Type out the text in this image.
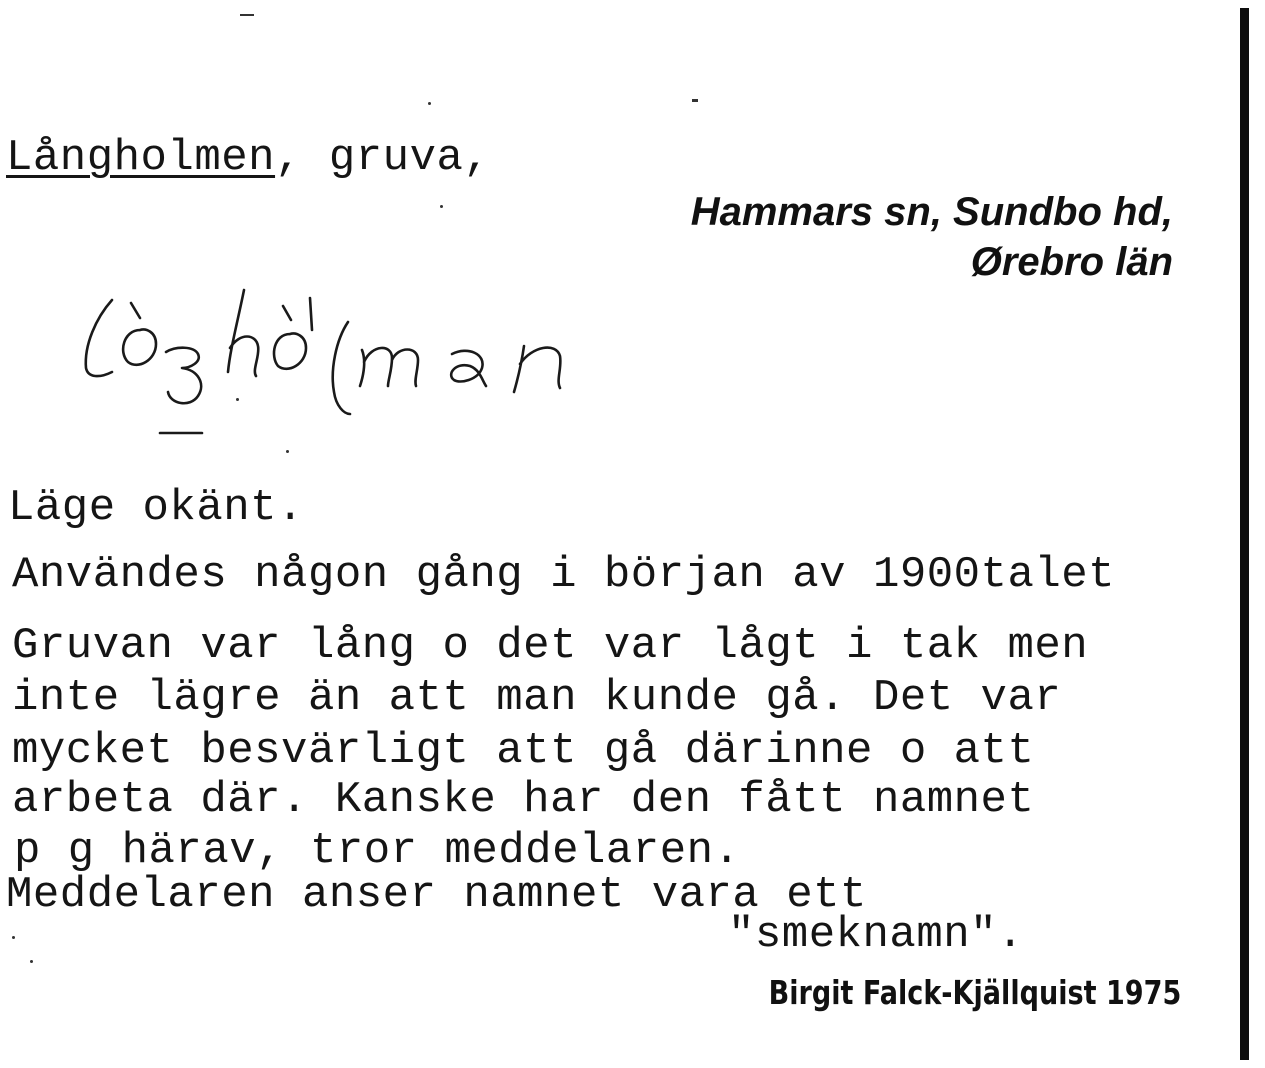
Långholmen, gruva,
Hammars sn, Sundbo hd,
Ørebro län
Läge okänt.
Användes någon gång i början av 1900talet
Gruvan var lång o det var lågt i tak men
inte lägre än att man kunde gå. Det var
mycket besvärligt att gå därinne o att
arbeta där. Kanske har den fått namnet
p g härav, tror meddelaren.
Meddelaren anser namnet vara ett
"smeknamn".
Birgit Falck-Kjällquist 1975
